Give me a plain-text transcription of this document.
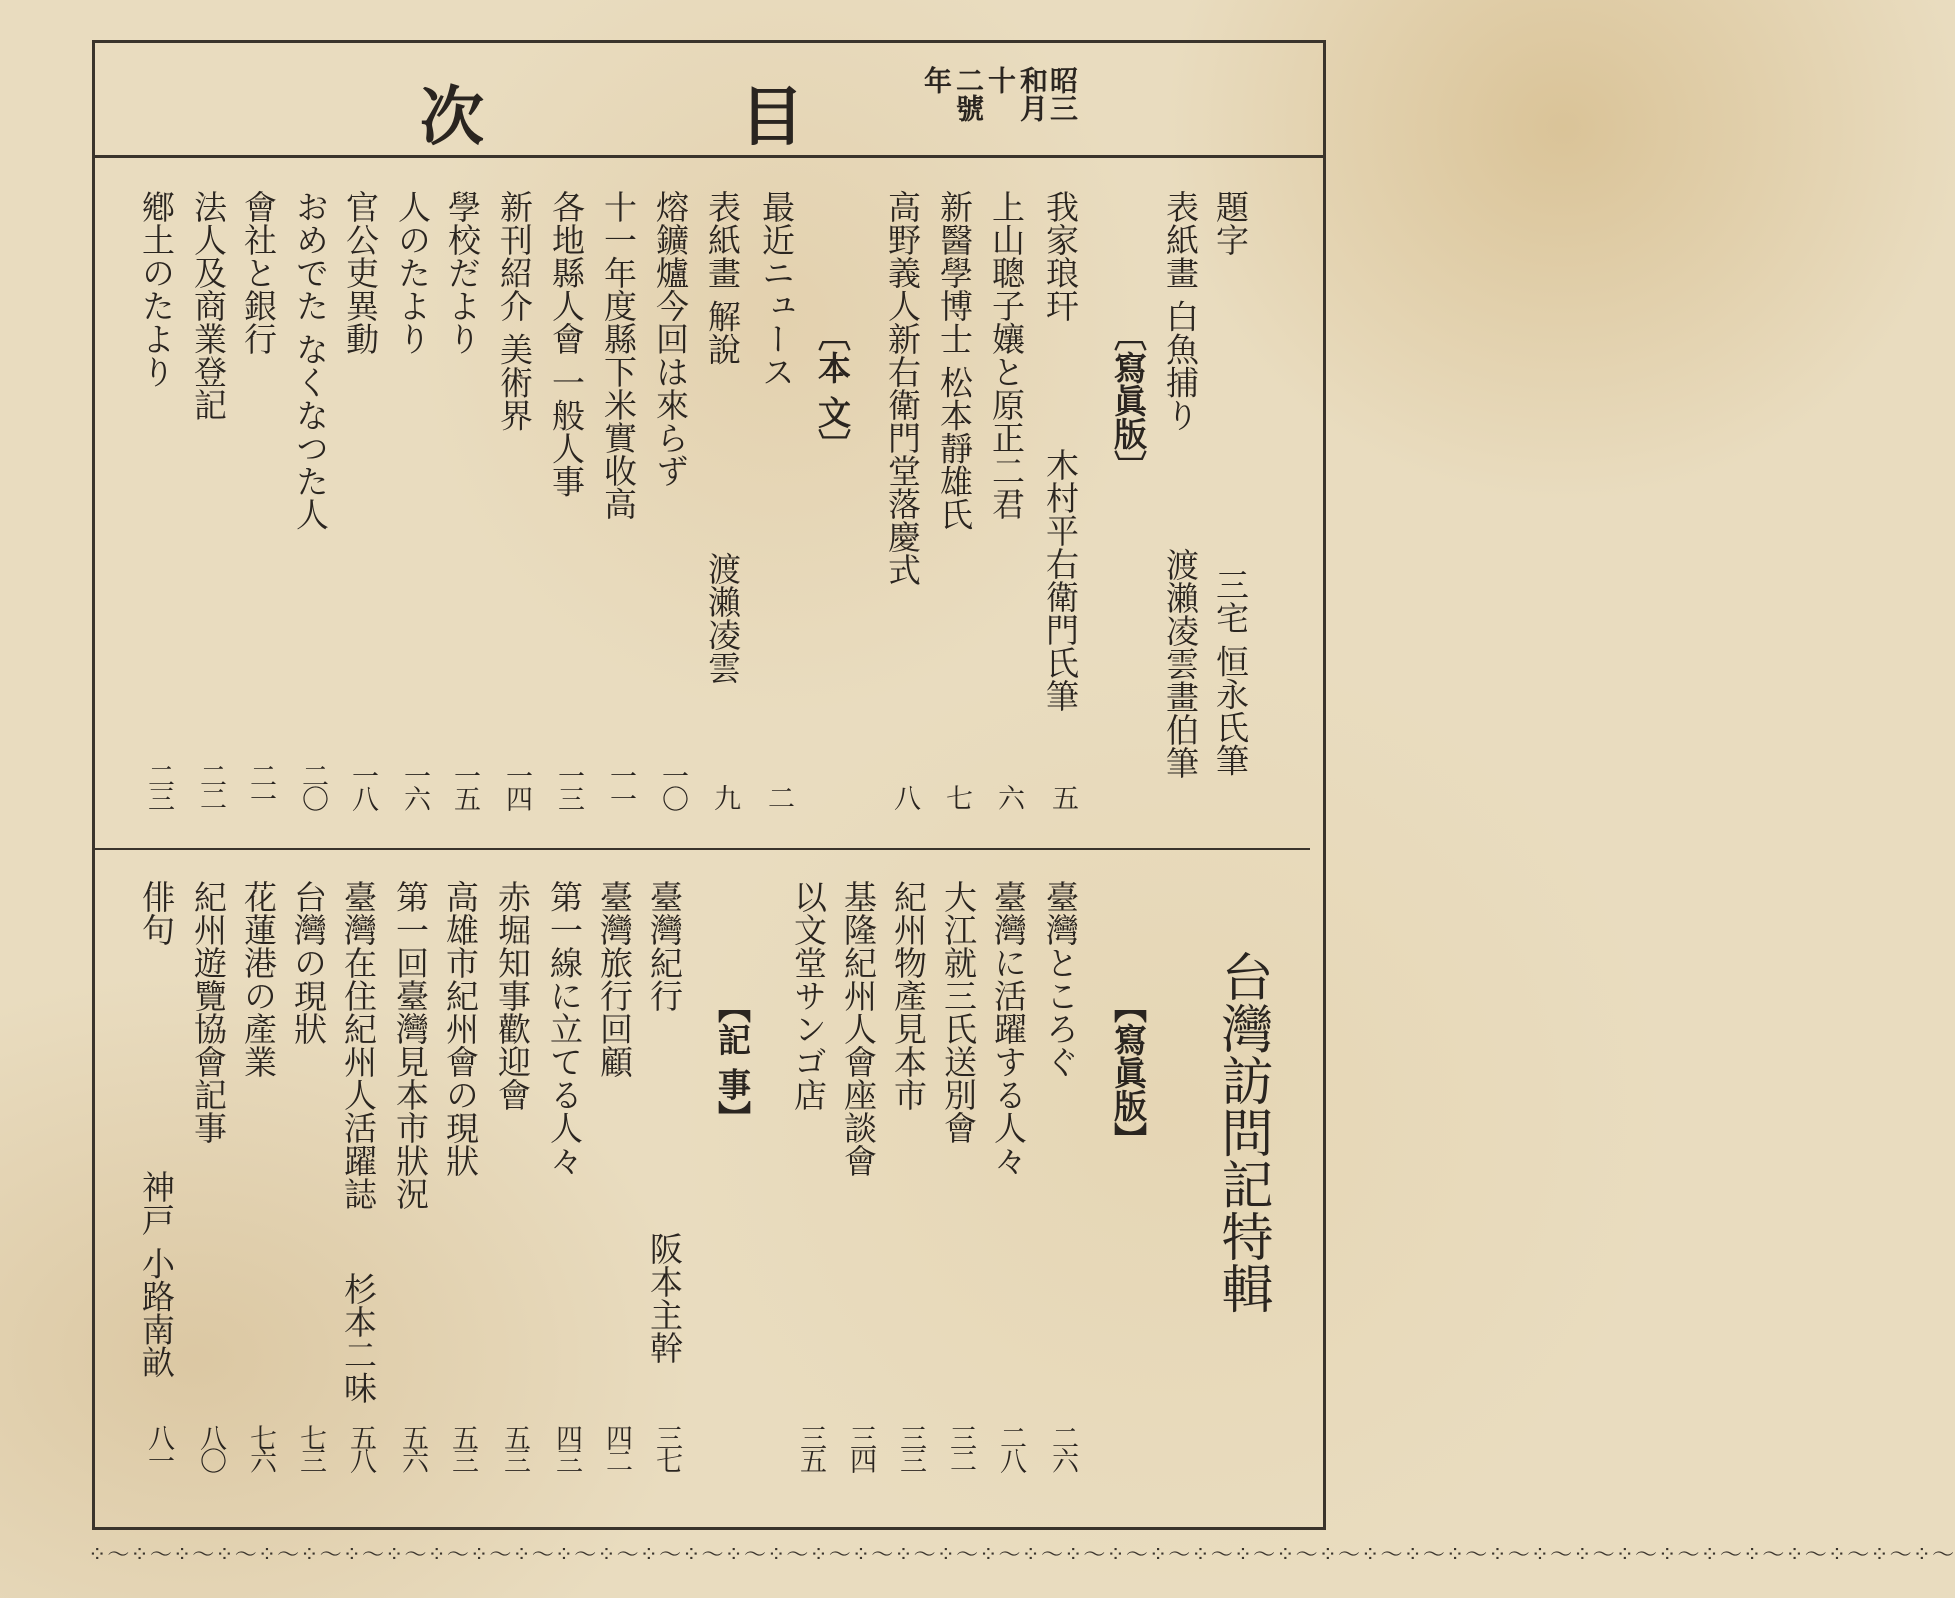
次	目	昭三
和月
十
二號
年
題字
三宅 恒永氏筆
表紙畫 白魚捕り
渡瀨凌雲畫伯筆
〔寫眞版〕
我家琅玕
木村平右衛門氏筆
五
上山聰子孃と原正二君
六
新醫學博士 松本靜雄氏
七
高野義人新右衛門堂落慶式
八
〔本 文〕
最近ニュース
二
表紙畫 解說
渡瀨凌雲
九
熔鑛爐今回は來らず
一〇
十一年度縣下米實收高
一一
各地縣人會 一般人事
一三
新刊紹介 美術界
一四
學校だより
一五
人のたより
一六
官公吏異動
一八
おめでた なくなつた人
二〇
會社と銀行
二一
法人及商業登記
二二
鄕土のたより
二三
台灣訪問記特輯
【寫眞版】
臺灣ところぐ
二六
臺灣に活躍する人々
二八
大江就三氏送別會
三二
紀州物產見本市
三三
基隆紀州人會座談會
三四
以文堂サンゴ店
三五
【記 事】
臺灣紀行
阪本主幹
三七
臺灣旅行回顧
四二
第一線に立てる人々
四三
赤堀知事歡迎會
五三
高雄市紀州會の現狀
五三
第一回臺灣見本市狀況
五六
臺灣在住紀州人活躍誌
杉本二味
五八
台灣の現狀
七三
花蓮港の產業
七六
紀州遊覽協會記事
八〇
俳句
神戸 小路南畝
八一
⁘～⁘～⁘～⁘～⁘～⁘～⁘～⁘～⁘～⁘～⁘～⁘～⁘～⁘～⁘～⁘～⁘～⁘～⁘～⁘～⁘～⁘～⁘～⁘～⁘～⁘～⁘～⁘～⁘～⁘～⁘～⁘～⁘～⁘～⁘～⁘～⁘～⁘～⁘～⁘～⁘～⁘～⁘～⁘～
